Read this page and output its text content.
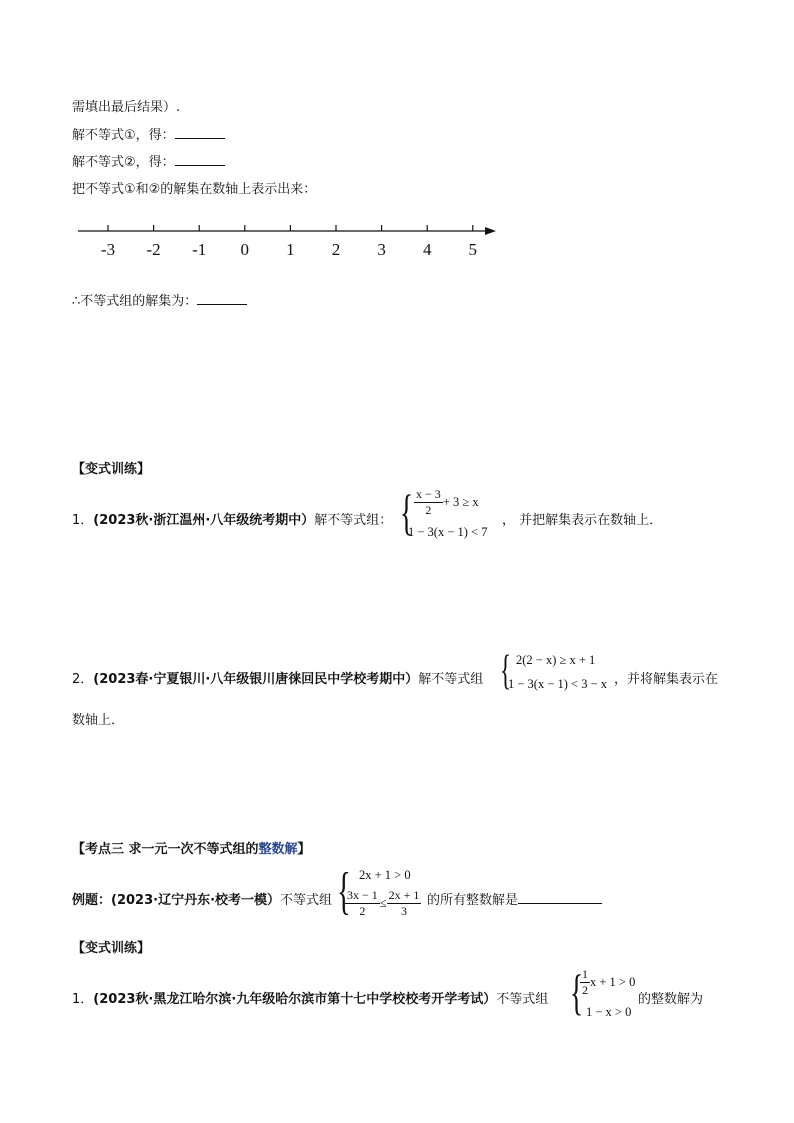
需填出最后结果）.
解不等式①，得：
解不等式②，得：
把不等式①和②的解集在数轴上表示出来：
-3 -2 -1 0 1 2 3 4 5
∴不等式组的解集为：
【变式训练】
1．(2023秋·浙江温州·八年级统考期中）解不等式组： { $\frac{x - 3}{2} + 3 \ge x$
1 − 3(x − 1) < 7
， 并把解集表示在数轴上．
2．(2023春·宁夏银川·八年级银川唐徕回民中学校考期中）解不等式组 { 2(2 − x) ≥ x + 1
1 − 3(x − 1) < 3 − x ，并将解集表示在
数轴上．
【考点三 求一元一次不等式组的整数解】
例题：(2023·辽宁丹东·校考一模）不等式组 { 2x + 1 > 0
$\frac{3x - 1}{2} \le \frac{2x + 1}{3}$ 的所有整数解是
【变式训练】
1．(2023秋·黑龙江哈尔滨·九年级哈尔滨市第十七中学校校考开学考试）不等式组 {
$\frac{1}{2}$ x + 1 > 0
1 − x > 0
的整数解为
